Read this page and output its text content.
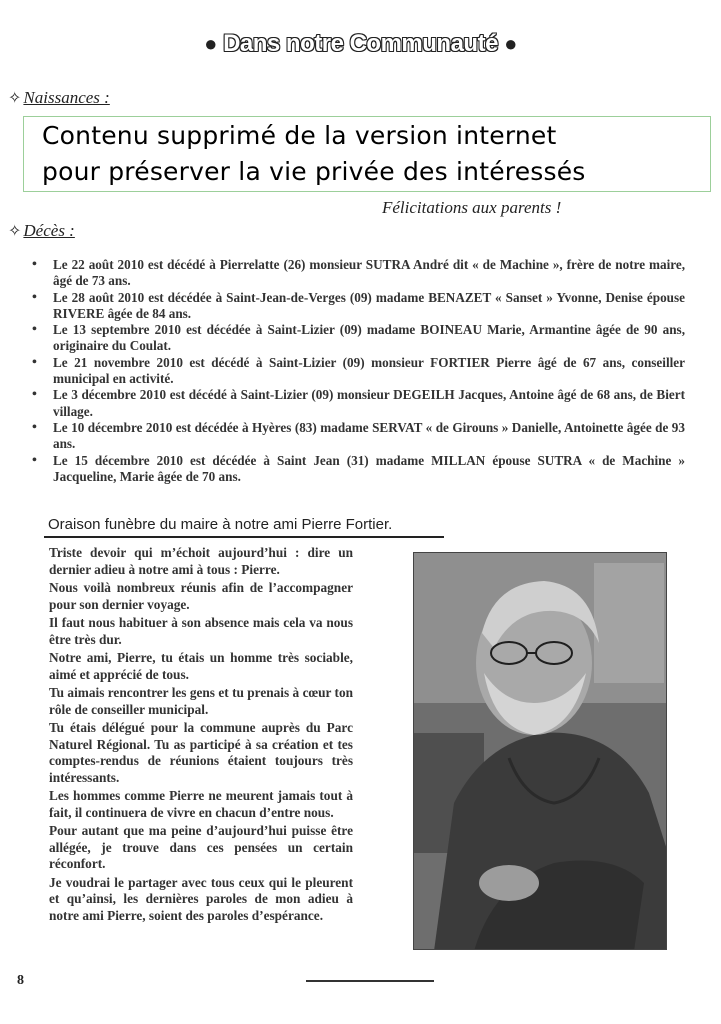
● Dans notre Communauté ●
✧ Naissances :
Contenu supprimé de la version internet
pour préserver la vie privée des intéressés
Félicitations aux parents !
✧ Décès :
• Le 22 août 2010 est décédé à Pierrelatte (26) monsieur SUTRA André dit « de Machine », frère de notre maire, âgé de 73 ans.
• Le 28 août 2010 est décédée à Saint-Jean-de-Verges (09) madame BENAZET « Sanset » Yvonne, Denise épouse RIVERE âgée de 84 ans.
• Le 13 septembre 2010 est décédée à Saint-Lizier (09) madame BOINEAU Marie, Armantine âgée de 90 ans, originaire du Coulat.
• Le 21 novembre 2010 est décédé à Saint-Lizier (09) monsieur FORTIER Pierre âgé de 67 ans, conseiller municipal en activité.
• Le 3 décembre 2010 est décédé à Saint-Lizier (09) monsieur DEGEILH Jacques, Antoine âgé de 68 ans, de Biert village.
• Le 10 décembre 2010 est décédée à Hyères (83) madame SERVAT « de Girouns » Danielle, Antoinette âgée de 93 ans.
• Le 15 décembre 2010 est décédée à Saint Jean (31) madame MILLAN épouse SUTRA « de Machine » Jacqueline, Marie âgée de 70 ans.
Oraison funèbre du maire à notre ami Pierre Fortier.

Triste devoir qui m’échoit aujourd’hui : dire un dernier adieu à notre ami à tous : Pierre.

Nous voilà nombreux réunis afin de l’accompagner pour son dernier voyage.

Il faut nous habituer à son absence mais cela va nous être très dur.

Notre ami, Pierre, tu étais un homme très sociable, aimé et apprécié de tous.

Tu aimais rencontrer les gens et tu prenais à cœur ton rôle de conseiller municipal.

Tu étais délégué pour la commune auprès du Parc Naturel Régional. Tu as participé à sa création et tes comptes-rendus de réunions étaient toujours très intéressants.

Les hommes comme Pierre ne meurent jamais tout à fait, il continuera de vivre en chacun d’entre nous.

Pour autant que ma peine d’aujourd’hui puisse être allégée, je trouve dans ces pensées un certain réconfort.

Je voudrai le partager avec tous ceux qui le pleurent et qu’ainsi, les dernières paroles de mon adieu à notre ami Pierre, soient des paroles d’espérance.

8
